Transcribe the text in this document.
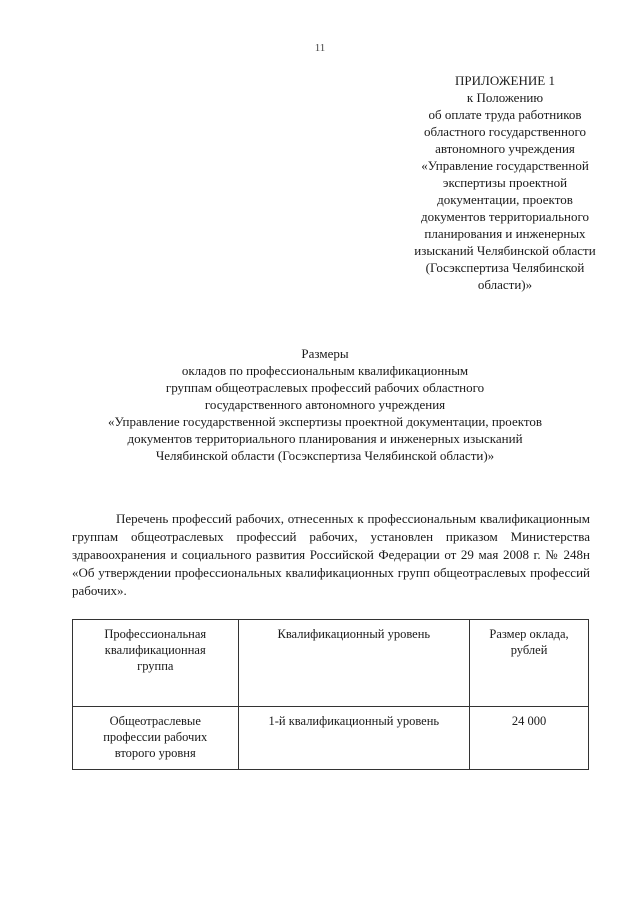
11
ПРИЛОЖЕНИЕ 1
к Положению
об оплате труда работников
областного государственного
автономного учреждения
«Управление государственной
экспертизы проектной
документации, проектов
документов территориального
планирования и инженерных
изысканий Челябинской области
(Госэкспертиза Челябинской
области)»
Размеры
окладов по профессиональным квалификационным
группам общеотраслевых профессий рабочих областного
государственного автономного учреждения
«Управление государственной экспертизы проектной документации, проектов
документов территориального планирования и инженерных изысканий
Челябинской области (Госэкспертиза Челябинской области)»

Перечень профессий рабочих, отнесенных к профессиональным квалификационным группам общеотраслевых профессий рабочих, установлен приказом Министерства здравоохранения и социального развития Российской Федерации от 29 мая 2008 г. № 248н «Об утверждении профессиональных квалификационных групп общеотраслевых профессий рабочих».

Профессиональная
квалификационная
группа	Квалификационный уровень	Размер оклада,
рублей

Общеотраслевые
профессии рабочих
второго уровня	1-й квалификационный уровень	24 000
